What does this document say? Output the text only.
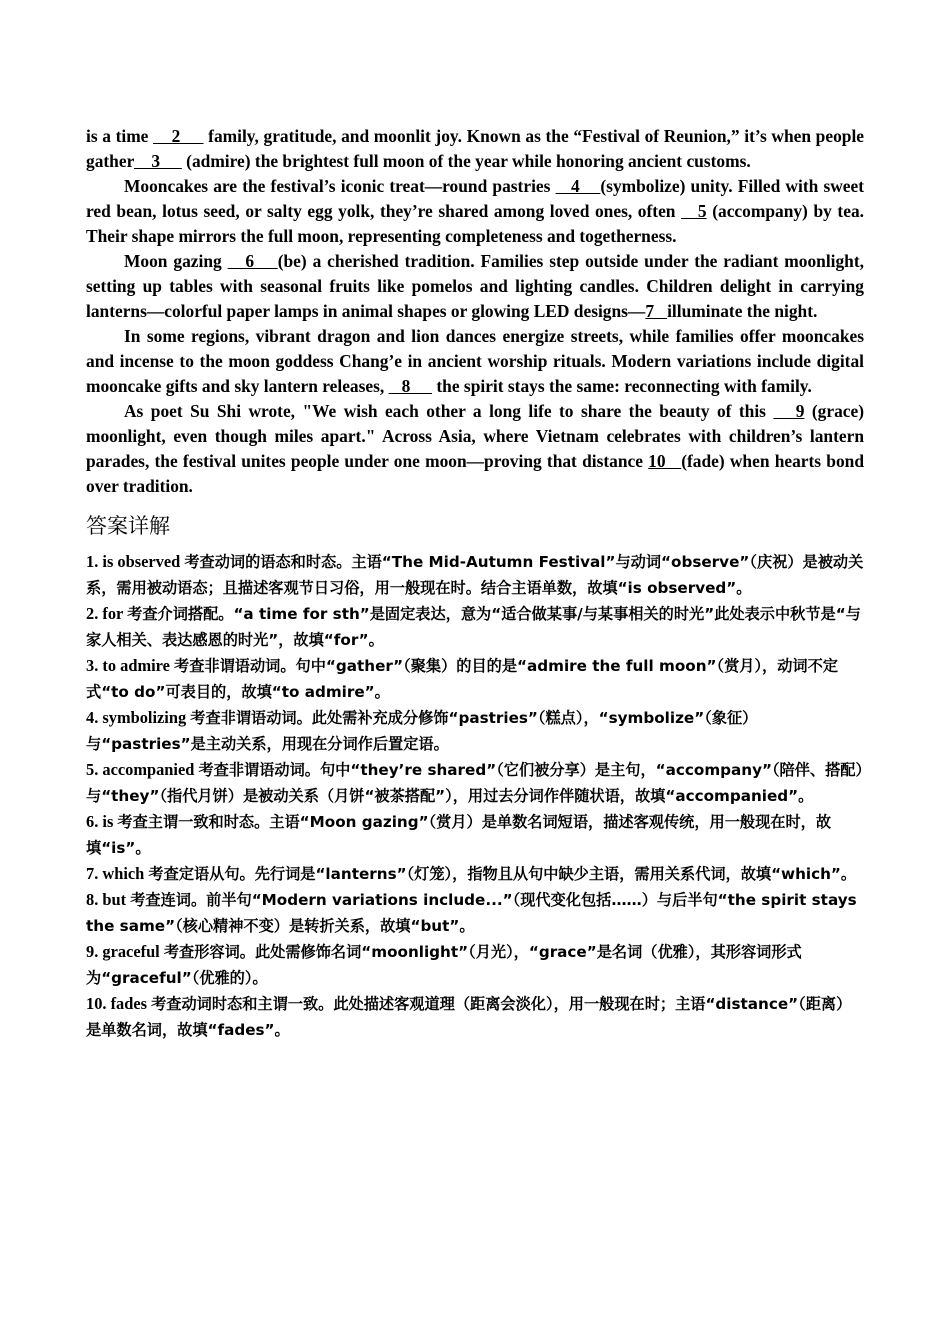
is a time     2      family, gratitude, and moonlit joy. Known as the “Festival of Reunion,” it’s when people gather    3      (admire) the brightest full moon of the year while honoring ancient customs.

Mooncakes are the festival’s iconic treat—round pastries    4    (symbolize) unity. Filled with sweet red bean, lotus seed, or salty egg yolk, they’re shared among loved ones, often    5 (accompany) by tea. Their shape mirrors the full moon, representing completeness and togetherness.

Moon gazing    6    (be) a cherished tradition. Families step outside under the radiant moonlight, setting up tables with seasonal fruits like pomelos and lighting candles. Children delight in carrying lanterns—colorful paper lamps in animal shapes or glowing LED designs—7   illuminate the night.

In some regions, vibrant dragon and lion dances energize streets, while families offer mooncakes and incense to the moon goddess Chang’e in ancient worship rituals. Modern variations include digital mooncake gifts and sky lantern releases,    8      the spirit stays the same: reconnecting with family.

As poet Su Shi wrote, "We wish each other a long life to share the beauty of this    9 (grace) moonlight, even though miles apart." Across Asia, where Vietnam celebrates with children’s lantern parades, the festival unites people under one moon—proving that distance 10   (fade) when hearts bond over tradition.

答案详解

1. is observed 考查动词的语态和时态。主语“The Mid-Autumn Festival”与动词“observe”（庆祝）是被动关系，需用被动语态；且描述客观节日习俗，用一般现在时。结合主语单数，故填“is observed”。

2. for 考查介词搭配。“a time for sth”是固定表达，意为“适合做某事/与某事相关的时光”此处表示中秋节是“与家人相关、表达感恩的时光”，故填“for”。

3. to admire 考查非谓语动词。句中“gather”（聚集）的目的是“admire the full moon”（赏月），动词不定式“to do”可表目的，故填“to admire”。

4. symbolizing 考查非谓语动词。此处需补充成分修饰“pastries”（糕点），“symbolize”（象征）与“pastries”是主动关系，用现在分词作后置定语。

5. accompanied 考查非谓语动词。句中“they’re shared”（它们被分享）是主句，“accompany”（陪伴、搭配）与“they”（指代月饼）是被动关系（月饼“被茶搭配”），用过去分词作伴随状语，故填“accompanied”。

6. is 考查主谓一致和时态。主语“Moon gazing”（赏月）是单数名词短语，描述客观传统，用一般现在时，故填“is”。

7. which 考查定语从句。先行词是“lanterns”（灯笼），指物且从句中缺少主语，需用关系代词，故填“which”。

8. but 考查连词。前半句“Modern variations include...”（现代变化包括……）与后半句“the spirit stays the same”（核心精神不变）是转折关系，故填“but”。

9. graceful 考查形容词。此处需修饰名词“moonlight”（月光），“grace”是名词（优雅），其形容词形式为“graceful”（优雅的）。

10. fades 考查动词时态和主谓一致。此处描述客观道理（距离会淡化），用一般现在时；主语“distance”（距离）是单数名词，故填“fades”。
